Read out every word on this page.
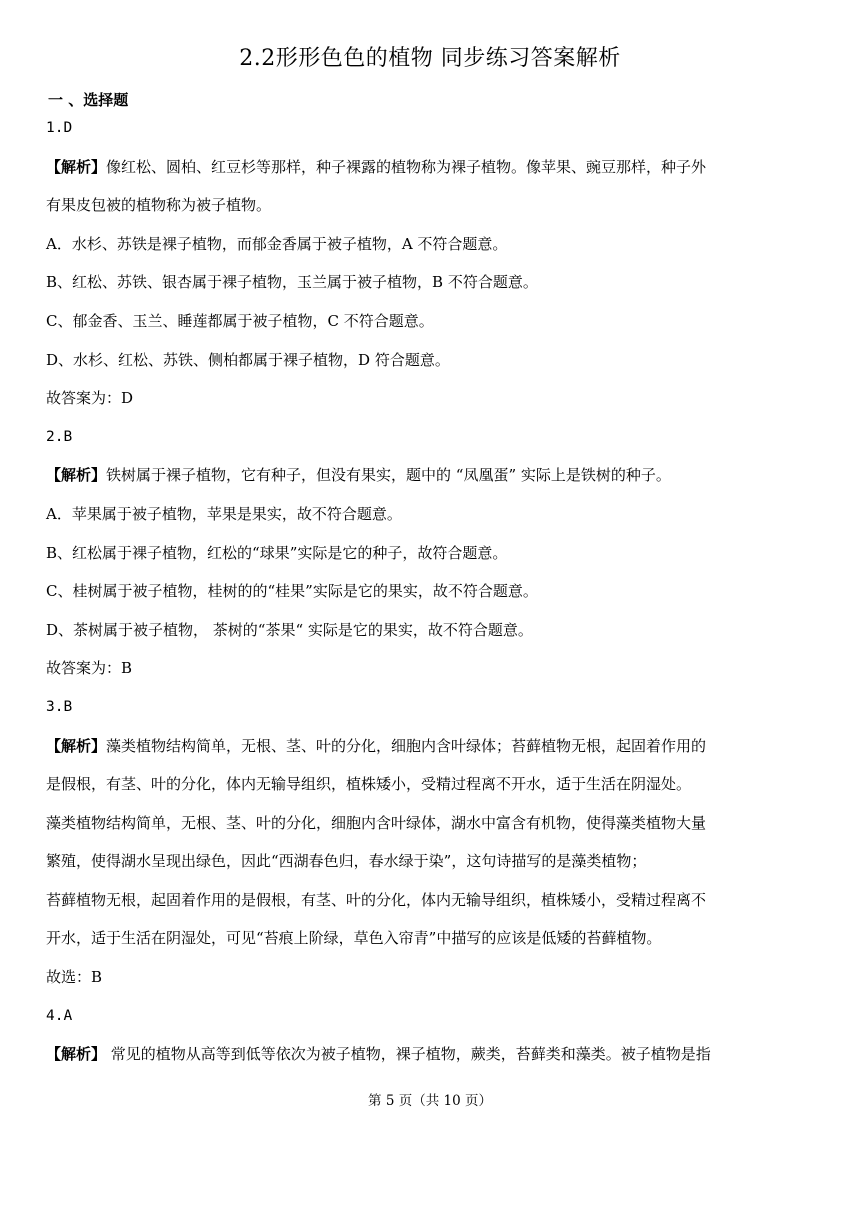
2.2形形色色的植物 同步练习答案解析
一 、选择题
1.D
【解析】像红松、圆柏、红豆杉等那样，种子裸露的植物称为裸子植物。像苹果、豌豆那样，种子外
有果皮包被的植物称为被子植物。
A．水杉、苏铁是裸子植物，而郁金香属于被子植物，A 不符合题意。
B、红松、苏铁、银杏属于裸子植物，玉兰属于被子植物，B 不符合题意。
C、郁金香、玉兰、睡莲都属于被子植物，C 不符合题意。
D、水杉、红松、苏铁、侧柏都属于裸子植物，D 符合题意。
故答案为：D
2.B
【解析】铁树属于裸子植物，它有种子，但没有果实，题中的 “凤凰蛋” 实际上是铁树的种子。
A．苹果属于被子植物，苹果是果实，故不符合题意。
B、红松属于裸子植物，红松的“球果”实际是它的种子，故符合题意。
C、桂树属于被子植物，桂树的的“桂果”实际是它的果实，故不符合题意。
D、茶树属于被子植物， 茶树的“茶果“ 实际是它的果实，故不符合题意。
故答案为：B
3.B
【解析】藻类植物结构简单，无根、茎、叶的分化，细胞内含叶绿体；苔藓植物无根，起固着作用的
是假根，有茎、叶的分化，体内无输导组织，植株矮小，受精过程离不开水，适于生活在阴湿处。
藻类植物结构简单，无根、茎、叶的分化，细胞内含叶绿体，湖水中富含有机物，使得藻类植物大量
繁殖，使得湖水呈现出绿色，因此“西湖春色归，春水绿于染”，这句诗描写的是藻类植物；
苔藓植物无根，起固着作用的是假根，有茎、叶的分化，体内无输导组织，植株矮小，受精过程离不
开水，适于生活在阴湿处，可见“苔痕上阶绿，草色入帘青”中描写的应该是低矮的苔藓植物。
故选：B
4.A
【解析】 常见的植物从高等到低等依次为被子植物，裸子植物，蕨类，苔藓类和藻类。被子植物是指
第 5 页（共 10 页）
